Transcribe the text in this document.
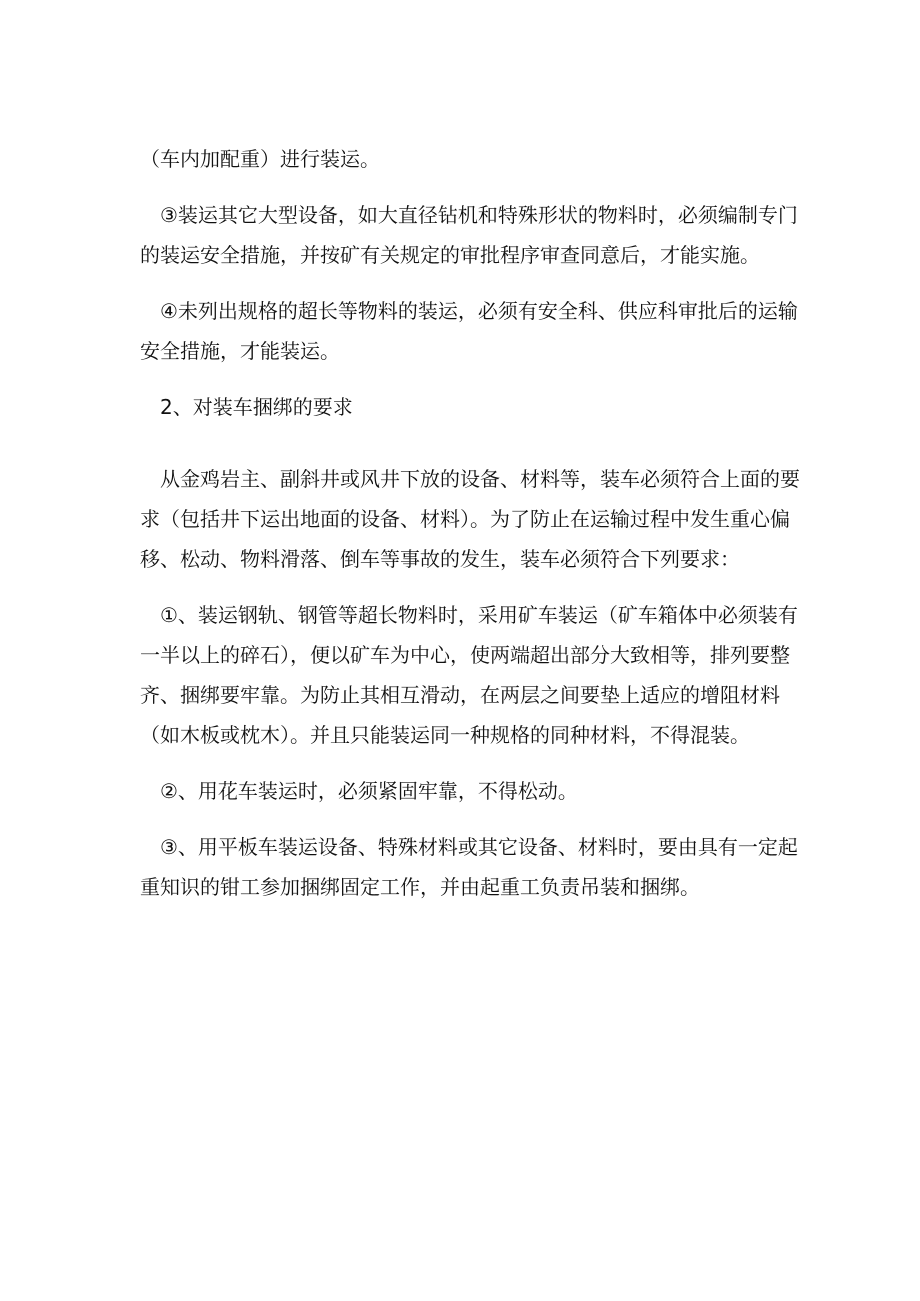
（车内加配重）进行装运。

③装运其它大型设备，如大直径钻机和特殊形状的物料时，必须编制专门的装运安全措施，并按矿有关规定的审批程序审查同意后，才能实施。

④未列出规格的超长等物料的装运，必须有安全科、供应科审批后的运输安全措施，才能装运。

2、对装车捆绑的要求

从金鸡岩主、副斜井或风井下放的设备、材料等，装车必须符合上面的要求（包括井下运出地面的设备、材料）。为了防止在运输过程中发生重心偏移、松动、物料滑落、倒车等事故的发生，装车必须符合下列要求：

①、装运钢轨、钢管等超长物料时，采用矿车装运（矿车箱体中必须装有一半以上的碎石），便以矿车为中心，使两端超出部分大致相等，排列要整齐、捆绑要牢靠。为防止其相互滑动，在两层之间要垫上适应的增阻材料（如木板或枕木）。并且只能装运同一种规格的同种材料，不得混装。

②、用花车装运时，必须紧固牢靠，不得松动。

③、用平板车装运设备、特殊材料或其它设备、材料时，要由具有一定起重知识的钳工参加捆绑固定工作，并由起重工负责吊装和捆绑。
